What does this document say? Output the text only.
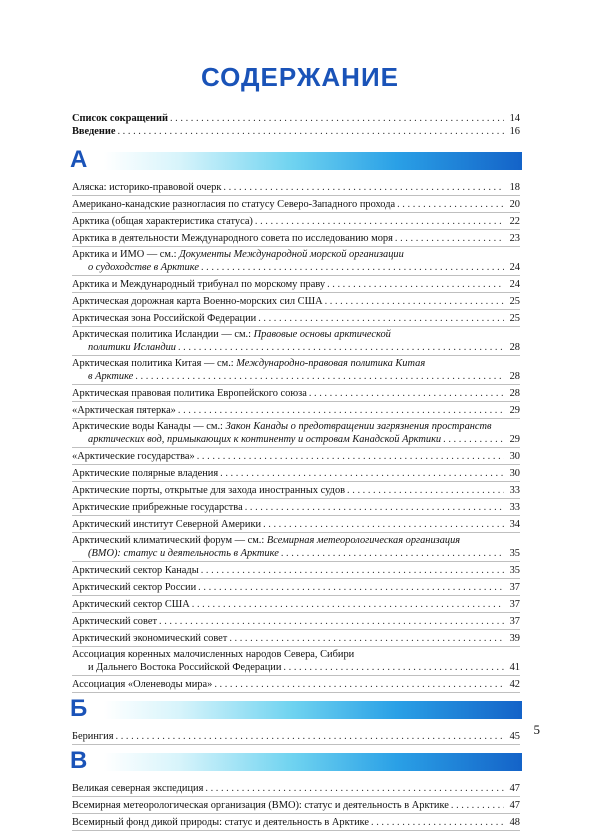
СОДЕРЖАНИЕ
Список сокращений . . .	14
Введение . . .	16
А
Аляска: историко-правовой очерк . . .	18
Американо-канадские разногласия по статусу Северо-Западного прохода . . .	20
Арктика (общая характеристика статуса) . . .	22
Арктика в деятельности Международного совета по исследованию моря . . .	23
Арктика и ИМО — см.: Документы Международной морской организации
о судоходстве в Арктике . . .	24
Арктика и Международный трибунал по морскому праву . . .	24
Арктическая дорожная карта Военно-морских сил США . . .	25
Арктическая зона Российской Федерации . . .	25
Арктическая политика Исландии — см.: Правовые основы арктической
политики Исландии . . .	28
Арктическая политика Китая — см.: Международно-правовая политика Китая
в Арктике . . .	28
Арктическая правовая политика Европейского союза . . .	28
«Арктическая пятерка» . . .	29
Арктические воды Канады — см.: Закон Канады о предотвращении загрязнения пространств
арктических вод, примыкающих к континенту и островам Канадской Арктики . . .	29
«Арктические государства» . . .	30
Арктические полярные владения . . .	30
Арктические порты, открытые для захода иностранных судов . . .	33
Арктические прибрежные государства . . .	33
Арктический институт Северной Америки . . .	34
Арктический климатический форум — см.: Всемирная метеорологическая организация
(ВМО): статус и деятельность в Арктике . . .	35
Арктический сектор Канады . . .	35
Арктический сектор России . . .	37
Арктический сектор США . . .	37
Арктический совет . . .	37
Арктический экономический совет . . .	39
Ассоциация коренных малочисленных народов Севера, Сибири
и Дальнего Востока Российской Федерации . . .	41
Ассоциация «Оленеводы мира» . . .	42
Б
Берингия . . .	45
В
Великая северная экспедиция . . .	47
Всемирная метеорологическая организация (ВМО): статус и деятельность в Арктике . . .	47
Всемирный фонд дикой природы: статус и деятельность в Арктике . . .	48
5
